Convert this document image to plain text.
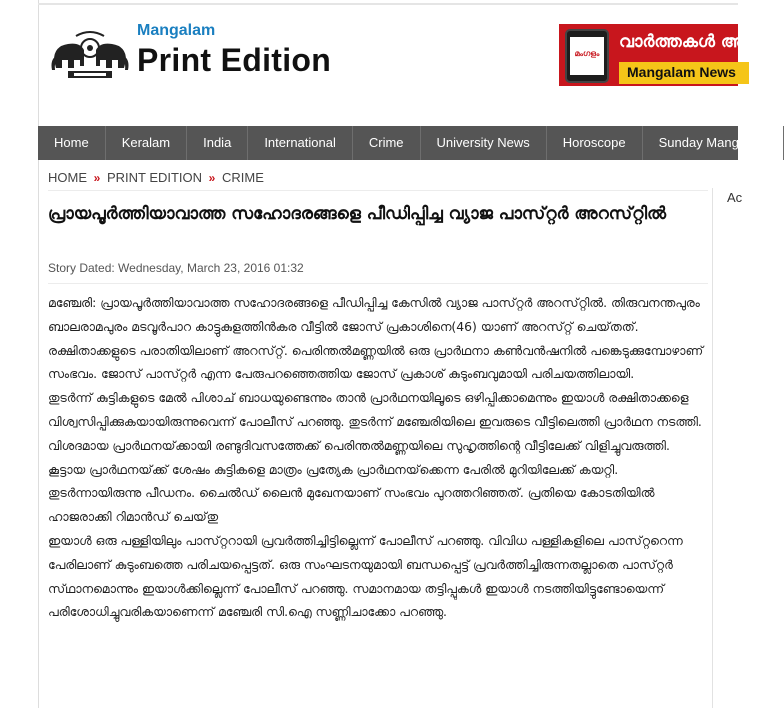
Mangalam
Print Edition	മംഗളം
വാർത്തകൾ അപ
Mangalam News
Home	Keralam	India	International	Crime	University News	Horoscope	Sunday Mangalam
HOME » PRINT EDITION » CRIME
Ac
പ്രായപൂര്‍ത്തിയാവാത്ത സഹോദരങ്ങളെ പീഡിപ്പിച്ച വ്യാജ പാസ്‌റ്റര്‍ അറസ്‌റ്റില്‍
Story Dated: Wednesday, March 23, 2016 01:32

മഞ്ചേരി: പ്രായപൂര്‍ത്തിയാവാത്ത സഹോദരങ്ങളെ പീഡിപ്പിച്ച കേസില്‍ വ്യാജ പാസ്‌റ്റര്‍ അറസ്‌റ്റില്‍. തിരുവനന്തപുരം ബാലരാമപുരം മടവൂര്‍പാറ കാട്ടുകുളത്തിന്‍കര വീട്ടില്‍ ജോസ്‌ പ്രകാശിനെ(46) യാണ്‌ അറസ്‌റ്റ് ചെയ്‌തത്‌. രക്ഷിതാക്കളുടെ പരാതിയിലാണ്‌ അറസ്‌റ്റ്. പെരിന്തല്‍മണ്ണയില്‍ ഒരു പ്രാര്‍ഥനാ കണ്‍വന്‍ഷനില്‍ പങ്കെടുക്കുമ്പോഴാണ്‌ സംഭവം. ജോസ്‌ പാസ്‌റ്റര്‍ എന്ന പേരുപറഞ്ഞെത്തിയ ജോസ്‌ പ്രകാശ്‌ കുടുംബവുമായി പരിചയത്തിലായി.

തുടര്‍ന്ന്‌ കുട്ടികളുടെ മേല്‍ പിശാച്‌ ബാധയുണ്ടെന്നും താന്‍ പ്രാര്‍ഥനയിലൂടെ ഒഴിപ്പിക്കാമെന്നും ഇയാള്‍ രക്ഷിതാക്കളെ വിശ്വസിപ്പിക്കുകയായിരുന്നുവെന്ന്‌ പോലീസ്‌ പറഞ്ഞു. തുടര്‍ന്ന്‌ മഞ്ചേരിയിലെ ഇവരുടെ വീട്ടിലെത്തി പ്രാര്‍ഥന നടത്തി. വിശദമായ പ്രാര്‍ഥനയ്‌ക്കായി രണ്ടുദിവസത്തേക്ക്‌ പെരിന്തല്‍മണ്ണയിലെ സുഹൃത്തിന്റെ വീട്ടിലേക്ക്‌ വിളിച്ചുവരുത്തി. കൂട്ടായ പ്രാര്‍ഥനയ്‌ക്ക് ശേഷം കുട്ടികളെ മാത്രം പ്രത്യേക പ്രാര്‍ഥനയ്‌ക്കെന്ന പേരില്‍ മുറിയിലേക്ക്‌ കയറ്റി.

തുടര്‍ന്നായിരുന്നു പീഡനം. ചൈല്‍ഡ്‌ ലൈന്‍ മുഖേനയാണ്‌ സംഭവം പുറത്തറിഞ്ഞത്‌. പ്രതിയെ കോടതിയില്‍ ഹാജരാക്കി റിമാന്‍ഡ്‌ ചെയ്‌തു

ഇയാള്‍ ഒരു പള്ളിയിലും പാസ്‌റ്ററായി പ്രവര്‍ത്തിച്ചിട്ടില്ലെന്ന്‌ പോലീസ്‌ പറഞ്ഞു. വിവിധ പള്ളികളിലെ പാസ്‌റ്ററെന്ന പേരിലാണ്‌ കുടുംബത്തെ പരിചയപ്പെട്ടത്‌. ഒരു സംഘടനയുമായി ബന്ധപ്പെട്ട്‌ പ്രവര്‍ത്തിച്ചിരുന്നതല്ലാതെ പാസ്‌റ്റര്‍ സ്‌ഥാനമൊന്നും ഇയാള്‍ക്കില്ലെന്ന്‌ പോലീസ്‌ പറഞ്ഞു. സമാനമായ തട്ടിപ്പുകള്‍ ഇയാള്‍ നടത്തിയിട്ടുണ്ടോയെന്ന്‌ പരിശോധിച്ചുവരികയാണെന്ന്‌ മഞ്ചേരി സി.ഐ സണ്ണിചാക്കോ പറഞ്ഞു.
